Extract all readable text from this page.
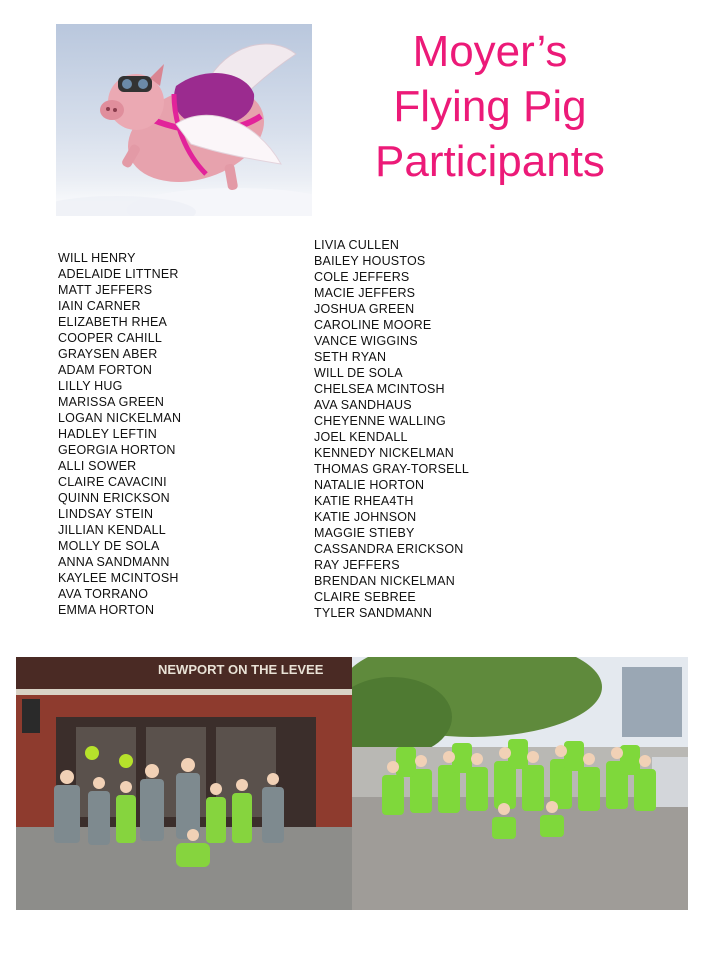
Moyer’s
Flying Pig
Participants
WILL HENRY
ADELAIDE LITTNER
MATT JEFFERS
IAIN CARNER
ELIZABETH RHEA
COOPER CAHILL
GRAYSEN ABER
ADAM FORTON
LILLY HUG
MARISSA GREEN
LOGAN NICKELMAN
HADLEY LEFTIN
GEORGIA HORTON
ALLI SOWER
CLAIRE CAVACINI
QUINN ERICKSON
LINDSAY STEIN
JILLIAN KENDALL
MOLLY DE SOLA
ANNA SANDMANN
KAYLEE MCINTOSH
AVA TORRANO
EMMA HORTON
LIVIA CULLEN
BAILEY HOUSTOS
COLE JEFFERS
MACIE JEFFERS
JOSHUA GREEN
CAROLINE MOORE
VANCE WIGGINS
SETH RYAN
WILL DE SOLA
CHELSEA MCINTOSH
AVA SANDHAUS
CHEYENNE WALLING
JOEL KENDALL
KENNEDY NICKELMAN
THOMAS GRAY-TORSELL
NATALIE HORTON
KATIE RHEA4TH
KATIE JOHNSON
MAGGIE STIEBY
CASSANDRA ERICKSON
RAY JEFFERS
BRENDAN NICKELMAN
CLAIRE SEBREE
TYLER SANDMANN
NEWPORT ON THE LEVEE
